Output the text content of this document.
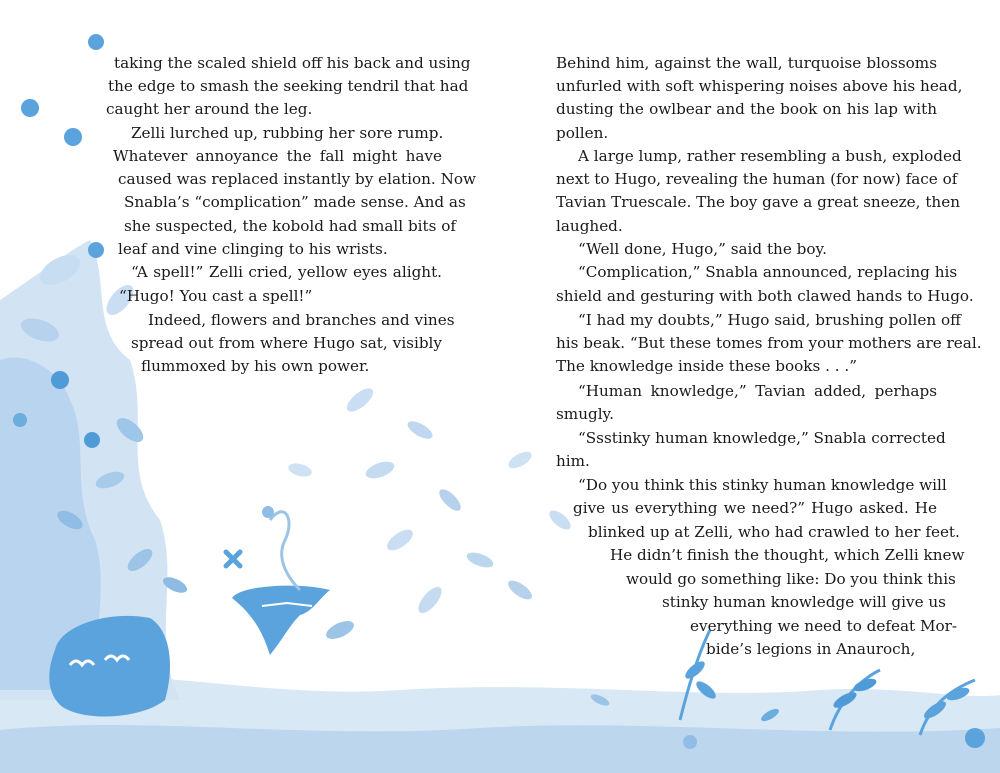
taking the scaled shield off his back and using
the edge to smash the seeking tendril that had
caught her around the leg.
Zelli lurched up, rubbing her sore rump.
Whatever annoyance the fall might have
caused was replaced instantly by elation. Now
Snabla’s “complication” made sense. And as
she suspected, the kobold had small bits of
leaf and vine clinging to his wrists.
“A spell!” Zelli cried, yellow eyes alight.
“Hugo! You cast a spell!”
Indeed, flowers and branches and vines
spread out from where Hugo sat, visibly
flummoxed by his own power.
Behind him, against the wall, turquoise blossoms
unfurled with soft whispering noises above his head,
dusting the owlbear and the book on his lap with
pollen.
A large lump, rather resembling a bush, exploded
next to Hugo, revealing the human (for now) face of
Tavian Truescale. The boy gave a great sneeze, then
laughed.
“Well done, Hugo,” said the boy.
“Complication,” Snabla announced, replacing his
shield and gesturing with both clawed hands to Hugo.
“I had my doubts,” Hugo said, brushing pollen off
his beak. “But these tomes from your mothers are real.
The knowledge inside these books . . .”
“Human knowledge,” Tavian added, perhaps
smugly.
“Ssstinky human knowledge,” Snabla corrected
him.
“Do you think this stinky human knowledge will
give us everything we need?” Hugo asked. He
blinked up at Zelli, who had crawled to her feet.
He didn’t finish the thought, which Zelli knew
would go something like: Do you think this
stinky human knowledge will give us
everything we need to defeat Mor-
bide’s legions in Anauroch,
